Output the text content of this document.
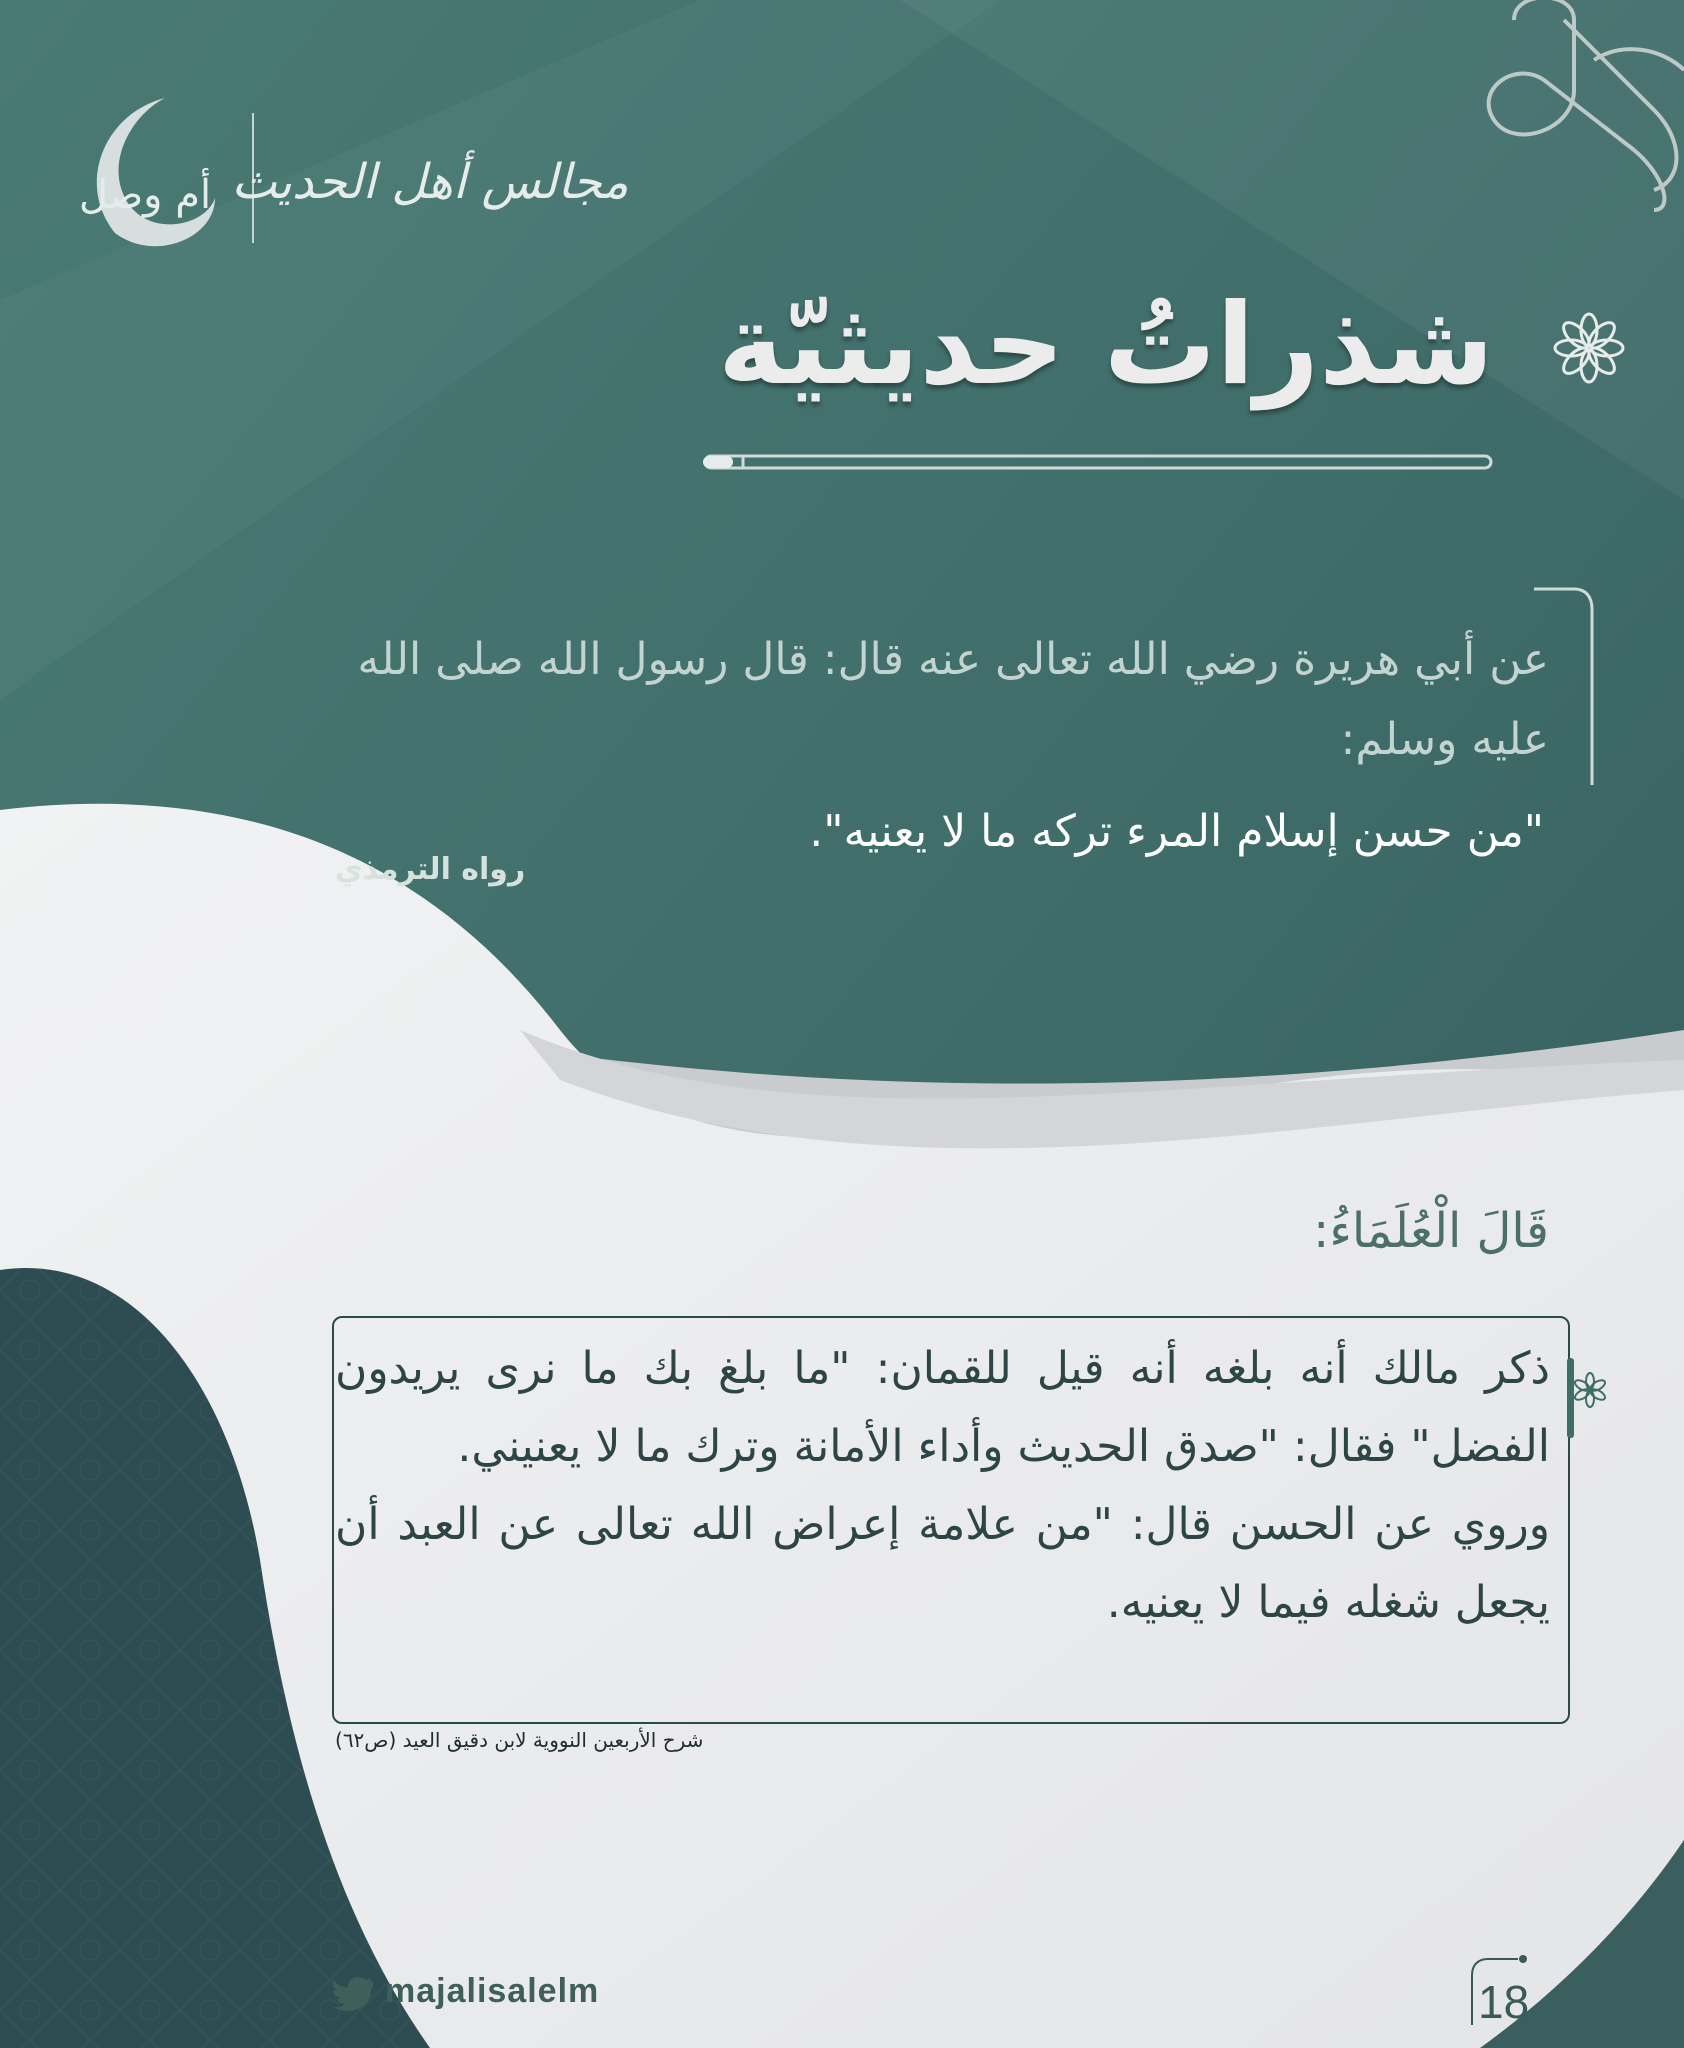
أم وصل مجالس أهل الحديث
شذراتُ حديثيّة
عن أبي هريرة رضي الله تعالى عنه قال: قال رسول الله صلى الله عليه وسلم:
"من حسن إسلام المرء تركه ما لا يعنيه".
رواه الترمذي
قَالَ الْعُلَمَاءُ:

ذكر مالك أنه بلغه أنه قيل للقمان: "ما بلغ بك ما نرى يريدون الفضل" فقال: "صدق الحديث وأداء الأمانة وترك ما لا يعنيني.

وروي عن الحسن قال: "من علامة إعراض الله تعالى عن العبد أن يجعل شغله فيما لا يعنيه.

شرح الأربعين النووية لابن دقيق العيد (ص٦٢)
majalisalelm	18
